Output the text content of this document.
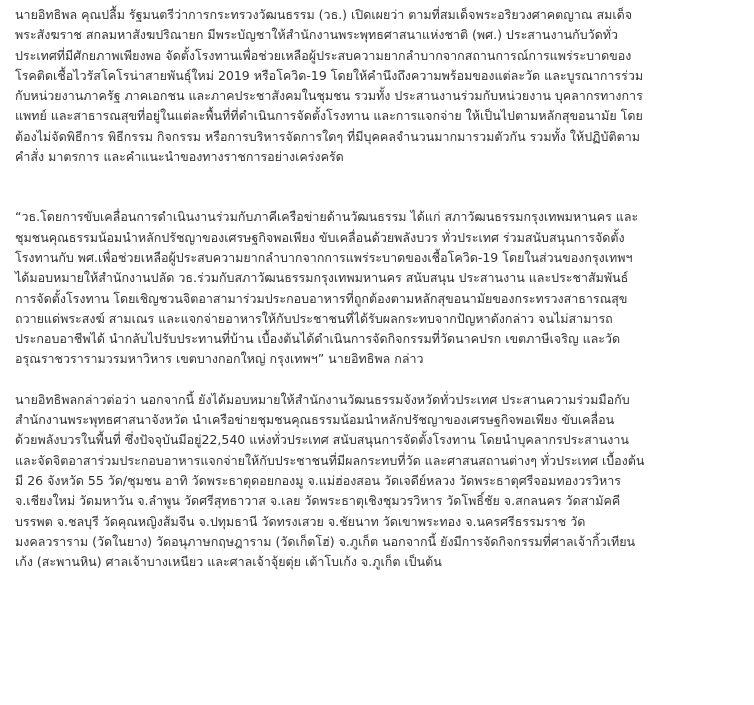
นายอิทธิพล คุณปลื้ม รัฐมนตรีว่าการกระทรวงวัฒนธรรม (วธ.) เปิดเผยว่า ตามที่สมเด็จพระอริยวงศาคตญาณ สมเด็จ
พระสังฆราช สกลมหาสังฆปริณายก มีพระบัญชาให้สำนักงานพระพุทธศาสนาแห่งชาติ (พศ.) ประสานงานกับวัดทั่ว
ประเทศที่มีศักยภาพเพียงพอ จัดตั้งโรงทานเพื่อช่วยเหลือผู้ประสบความยากลำบากจากสถานการณ์การแพร่ระบาดของ
โรคติดเชื้อไวรัสโคโรน่าสายพันธุ์ใหม่ 2019 หรือโควิด-19 โดยให้คำนึงถึงความพร้อมของแต่ละวัด และบูรณาการร่วม
กับหน่วยงานภาครัฐ ภาคเอกชน และภาคประชาสังคมในชุมชน รวมทั้ง ประสานงานร่วมกับหน่วยงาน บุคลากรทางการ
แพทย์ และสาธารณสุขที่อยู่ในแต่ละพื้นที่ที่ดำเนินการจัดตั้งโรงทาน และการแจกจ่าย ให้เป็นไปตามหลักสุขอนามัย โดย
ต้องไม่จัดพิธีการ พิธีกรรม กิจกรรม หรือการบริหารจัดการใดๆ ที่มีบุคคลจำนวนมากมารวมตัวกัน รวมทั้ง ให้ปฏิบัติตาม
คำสั่ง มาตรการ และคำแนะนำของทางราชการอย่างเคร่งครัด

“วธ.โดยการขับเคลื่อนการดำเนินงานร่วมกับภาคีเครือข่ายด้านวัฒนธรรม ได้แก่ สภาวัฒนธรรมกรุงเทพมหานคร และ
ชุมชนคุณธรรมน้อมนำหลักปรัชญาของเศรษฐกิจพอเพียง ขับเคลื่อนด้วยพลังบวร ทั่วประเทศ ร่วมสนับสนุนการจัดตั้ง
โรงทานกับ พศ.เพื่อช่วยเหลือผู้ประสบความยากลำบากจากการแพร่ระบาดของเชื้อโควิด-19 โดยในส่วนของกรุงเทพฯ
ได้มอบหมายให้สำนักงานปลัด วธ.ร่วมกับสภาวัฒนธรรมกรุงเทพมหานคร สนับสนุน ประสานงาน และประชาสัมพันธ์
การจัดตั้งโรงทาน โดยเชิญชวนจิตอาสามาร่วมประกอบอาหารที่ถูกต้องตามหลักสุขอนามัยของกระทรวงสาธารณสุข
ถวายแด่พระสงฆ์ สามเณร และแจกจ่ายอาหารให้กับประชาชนที่ได้รับผลกระทบจากปัญหาดังกล่าว จนไม่สามารถ
ประกอบอาชีพได้ นำกลับไปรับประทานที่บ้าน เบื้องต้นได้ดำเนินการจัดกิจกรรมที่วัดนาคปรก เขตภาษีเจริญ และวัด
อรุณราชวรารามวรมหาวิหาร เขตบางกอกใหญ่ กรุงเทพฯ” นายอิทธิพล กล่าว

นายอิทธิพลกล่าวต่อว่า นอกจากนี้ ยังได้มอบหมายให้สำนักงานวัฒนธรรมจังหวัดทั่วประเทศ ประสานความร่วมมือกับ
สำนักงานพระพุทธศาสนาจังหวัด นำเครือข่ายชุมชนคุณธรรมน้อมนำหลักปรัชญาของเศรษฐกิจพอเพียง ขับเคลื่อน
ด้วยพลังบวรในพื้นที่ ซึ่งปัจจุบันมีอยู่22,540 แห่งทั่วประเทศ สนับสนุนการจัดตั้งโรงทาน โดยนำบุคลากรประสานงาน
และจัดจิตอาสาร่วมประกอบอาหารแจกจ่ายให้กับประชาชนที่มีผลกระทบที่วัด และศาสนสถานต่างๆ ทั่วประเทศ เบื้องต้น
มี 26 จังหวัด 55 วัด/ชุมชน อาทิ วัดพระธาตุดอยกองมู จ.แม่ฮ่องสอน วัดเจดีย์หลวง วัดพระธาตุศรีจอมทองวรวิหาร
จ.เชียงใหม่ วัดมหาวัน จ.ลำพูน วัดศรีสุทธาวาส จ.เลย วัดพระธาตุเชิงชุมวรวิหาร วัดโพธิ์ชัย จ.สกลนคร วัดสามัคคี
บรรพต จ.ชลบุรี วัดคุณหญิงส้มจีน จ.ปทุมธานี วัดทรงเสวย จ.ชัยนาท วัดเขาพระทอง จ.นครศรีธรรมราช วัด
มงคลวราราม (วัดในยาง) วัดอนุภาษกฤษฎาราม (วัดเก็ตโฮ่) จ.ภูเก็ต นอกจากนี้ ยังมีการจัดกิจกรรมที่ศาลเจ้ากิ้วเทียน
เก้ง (สะพานหิน) ศาลเจ้าบางเหนียว และศาลเจ้าจุ้ยตุ่ย เต้าโบเก้ง จ.ภูเก็ต เป็นต้น
